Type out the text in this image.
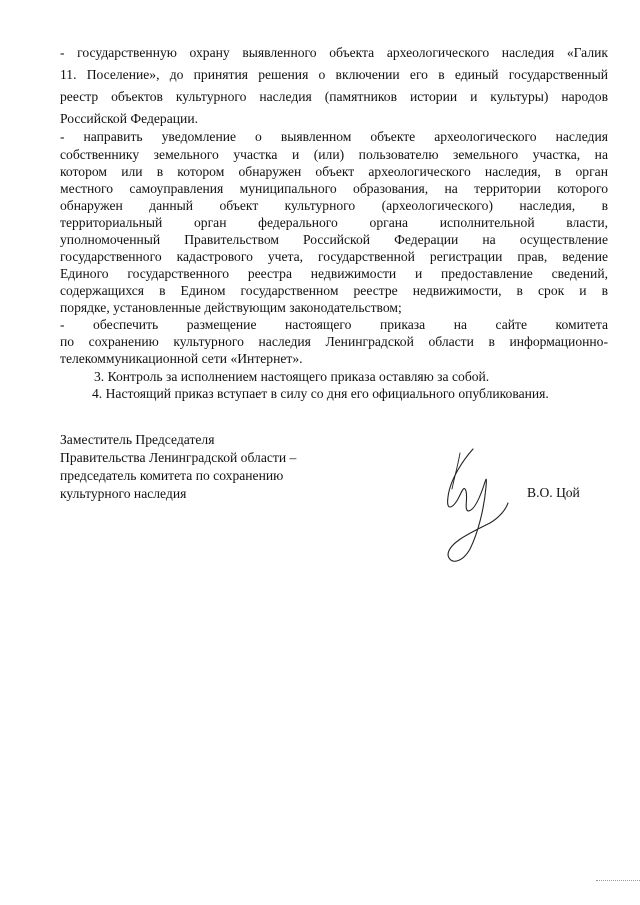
- государственную охрану выявленного объекта археологического наследия «Галик
11. Поселение», до принятия решения о включении его в единый государственный
реестр объектов культурного наследия (памятников истории и культуры) народов
Российской Федерации.
- направить уведомление о выявленном объекте археологического наследия
собственнику земельного участка и (или) пользователю земельного участка, на
котором или в котором обнаружен объект археологического наследия, в орган
местного самоуправления муниципального образования, на территории которого
обнаружен данный объект культурного (археологического) наследия, в
территориальный орган федерального органа исполнительной власти,
уполномоченный Правительством Российской Федерации на осуществление
государственного кадастрового учета, государственной регистрации прав, ведение
Единого государственного реестра недвижимости и предоставление сведений,
содержащихся в Едином государственном реестре недвижимости, в срок и в
порядке, установленные действующим законодательством;
- обеспечить размещение настоящего приказа на сайте комитета
по сохранению культурного наследия Ленинградской области в информационно-
телекоммуникационной сети «Интернет».
3. Контроль за исполнением настоящего приказа оставляю за собой.
4. Настоящий приказ вступает в силу со дня его официального опубликования.
Заместитель Председателя
Правительства Ленинградской области –
председатель комитета по сохранению
культурного наследия	В.О. Цой
